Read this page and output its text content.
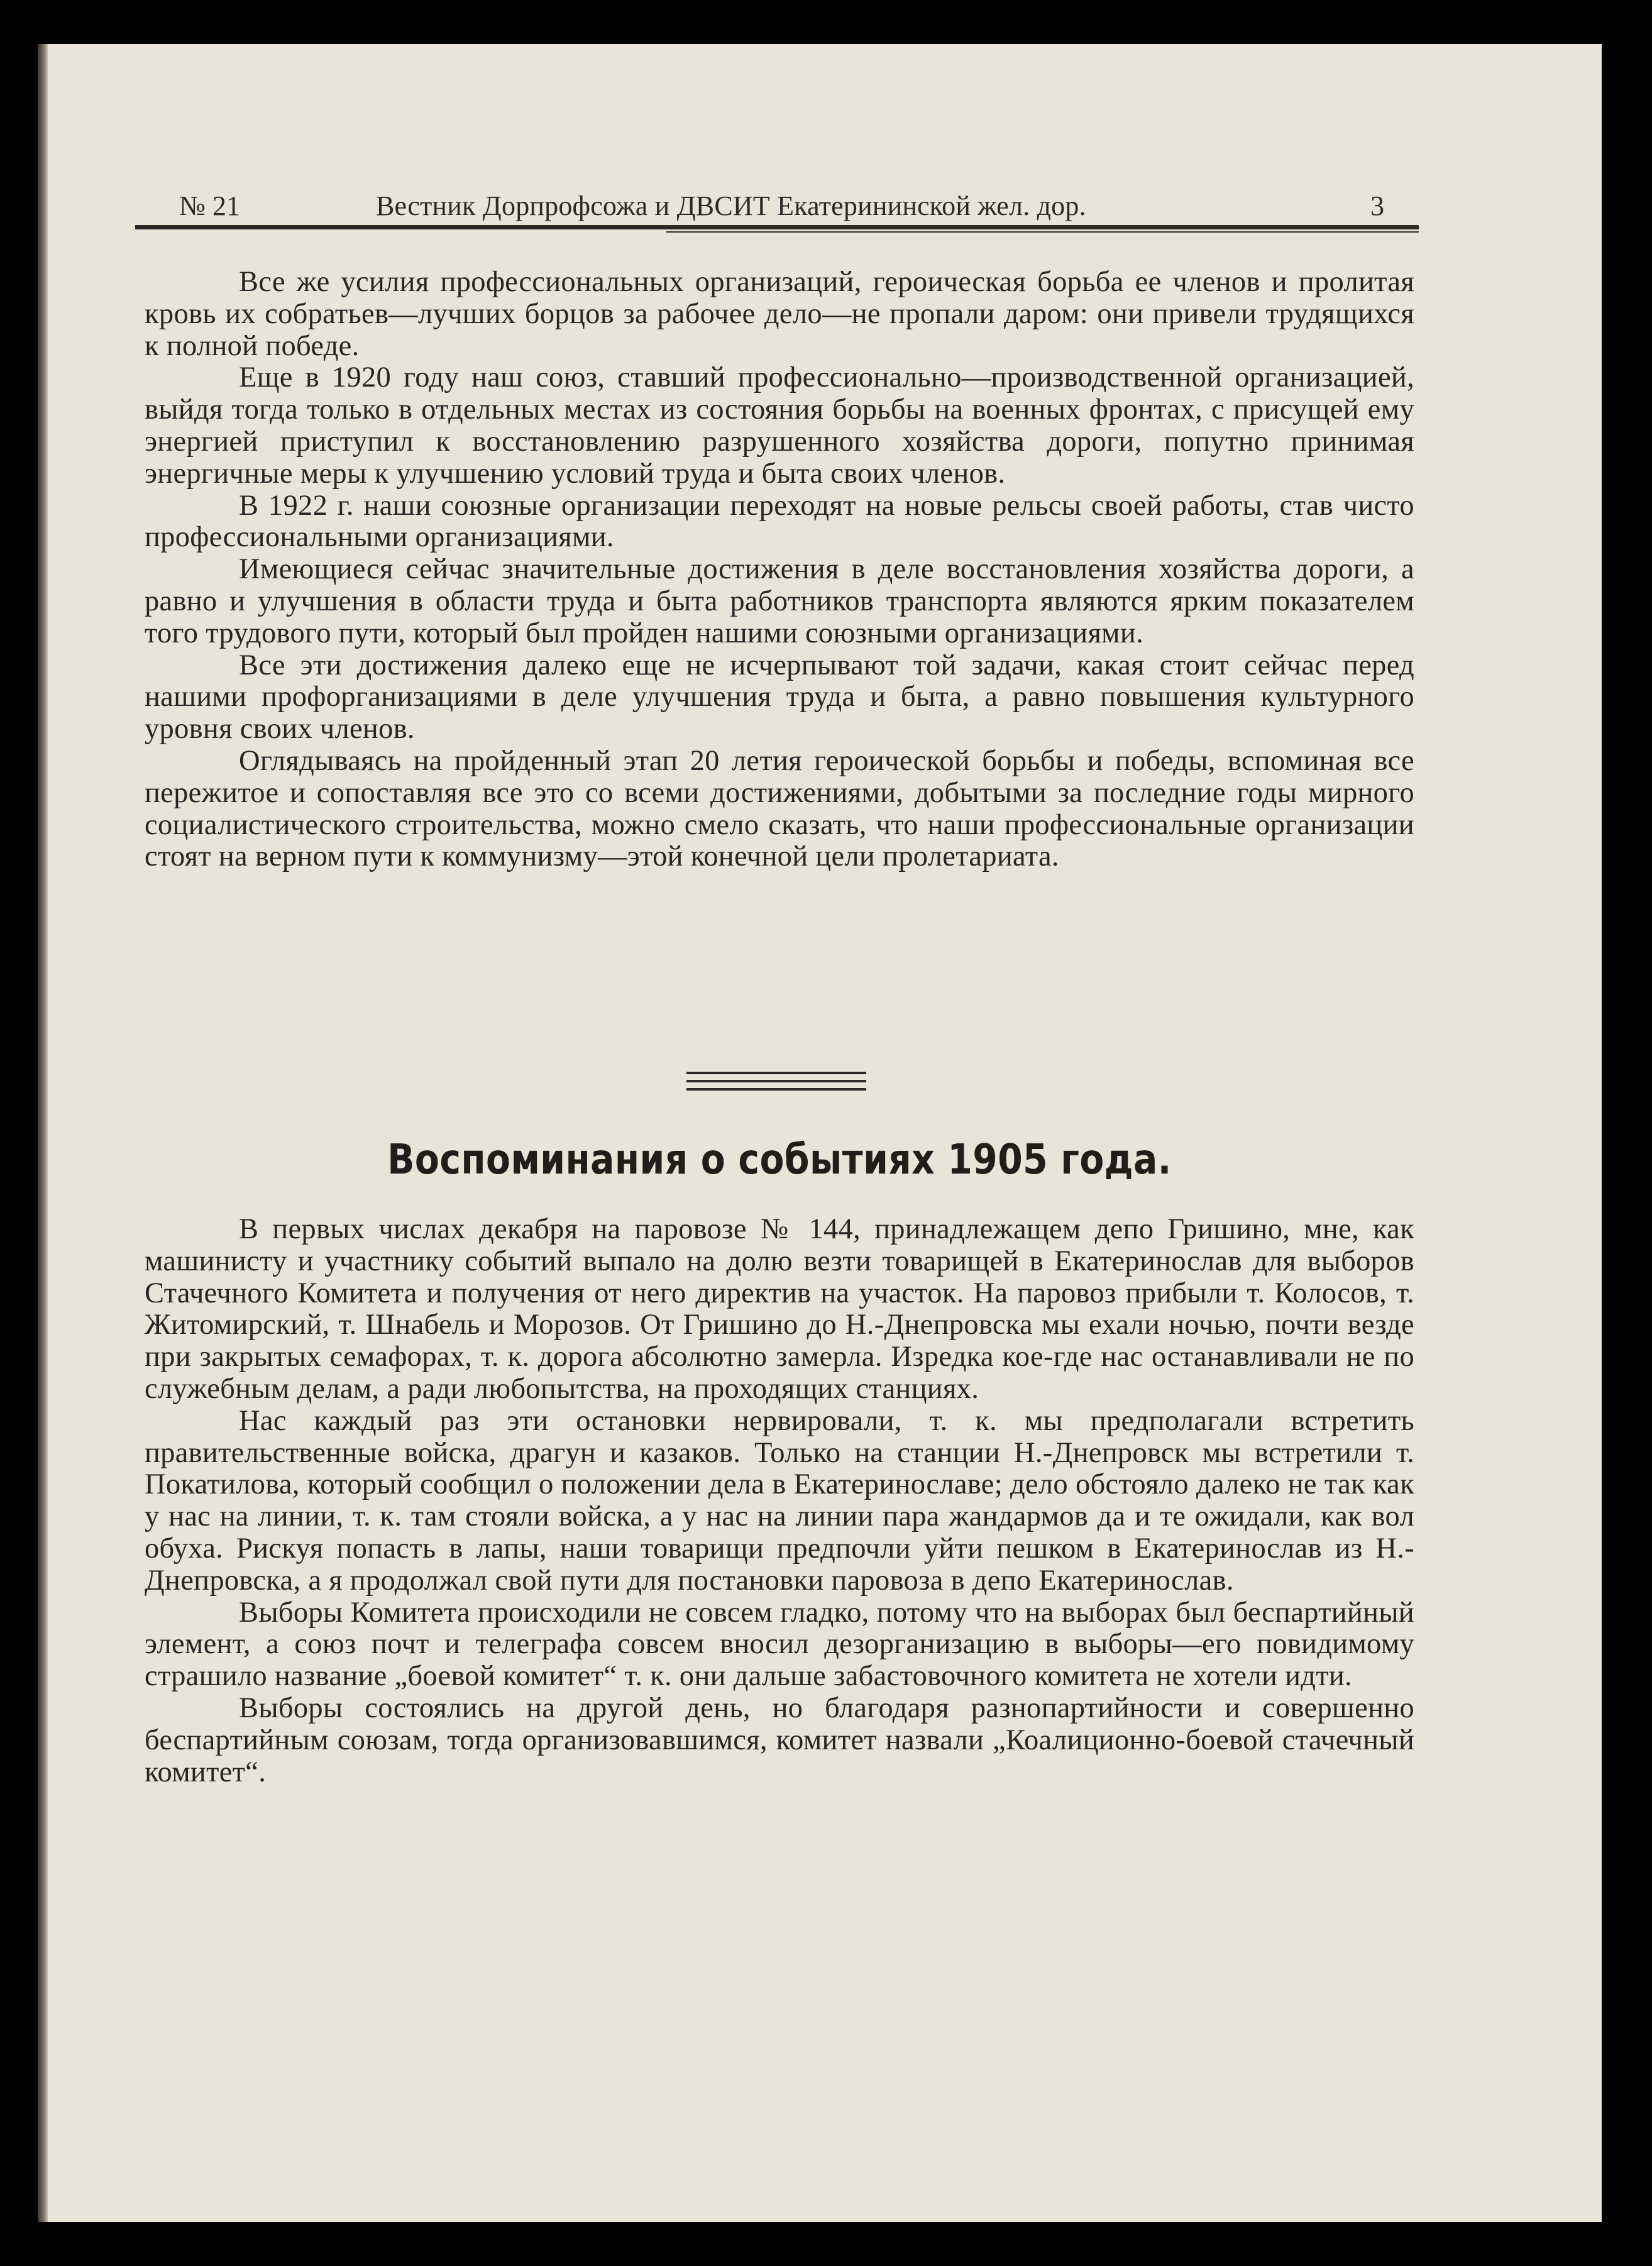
№ 21	Вестник Дорпрофсожа и ДВСИТ Екатерининской жел. дор.	3

Все же усилия профессиональных организаций, героическая борьба ее членов и пролитая кровь их собратьев—лучших борцов за рабочее дело—не пропали даром: они привели трудящихся к полной победе.

Еще в 1920 году наш союз, ставший профессионально—производственной организацией, выйдя тогда только в отдельных местах из состояния борьбы на военных фронтах, с присущей ему энергией приступил к восстановлению разрушенного хозяйства дороги, попутно принимая энергичные меры к улучшению условий труда и быта своих членов.

В 1922 г. наши союзные организации переходят на новые рельсы своей работы, став чисто профессиональными организациями.

Имеющиеся сейчас значительные достижения в деле восстановления хозяйства дороги, а равно и улучшения в области труда и быта работников транспорта являются ярким показателем того трудового пути, который был пройден нашими союзными организациями.

Все эти достижения далеко еще не исчерпывают той задачи, какая стоит сейчас перед нашими профорганизациями в деле улучшения труда и быта, а равно повышения культурного уровня своих членов.

Оглядываясь на пройденный этап 20 летия героической борьбы и победы, вспоминая все пережитое и сопоставляя все это со всеми достижениями, добытыми за последние годы мирного социалистического строительства, можно смело сказать, что наши профессиональные организации стоят на верном пути к коммунизму—этой конечной цели пролетариата.

Воспоминания о событиях 1905 года.

В первых числах декабря на паровозе № 144, принадлежащем депо Гришино, мне, как машинисту и участнику событий выпало на долю везти товарищей в Екатеринослав для выборов Стачечного Комитета и получения от него директив на участок. На паровоз прибыли т. Колосов, т. Житомирский, т. Шнабель и Морозов. От Гришино до Н.-Днепровска мы ехали ночью, почти везде при закрытых семафорах, т. к. дорога абсолютно замерла. Изредка кое-где нас останавливали не по служебным делам, а ради любопытства, на проходящих станциях.

Нас каждый раз эти остановки нервировали, т. к. мы предполагали встретить правительственные войска, драгун и казаков. Только на станции Н.-Днепровск мы встретили т. Покатилова, который сообщил о положении дела в Екатеринославе; дело обстояло далеко не так как у нас на линии, т. к. там стояли войска, а у нас на линии пара жандармов да и те ожидали, как вол обуха. Рискуя попасть в лапы, наши товарищи предпочли уйти пешком в Екатеринослав из Н.-Днепровска, а я продолжал свой пути для постановки паровоза в депо Екатеринослав.

Выборы Комитета происходили не совсем гладко, потому что на выборах был беспартийный элемент, а союз почт и телеграфа совсем вносил дезорганизацию в выборы—его повидимому страшило название „боевой комитет“ т. к. они дальше забастовочного комитета не хотели идти.

Выборы состоялись на другой день, но благодаря разнопартийности и совершенно беспартийным союзам, тогда организовавшимся, комитет назвали „Коалиционно-боевой стачечный комитет“.
